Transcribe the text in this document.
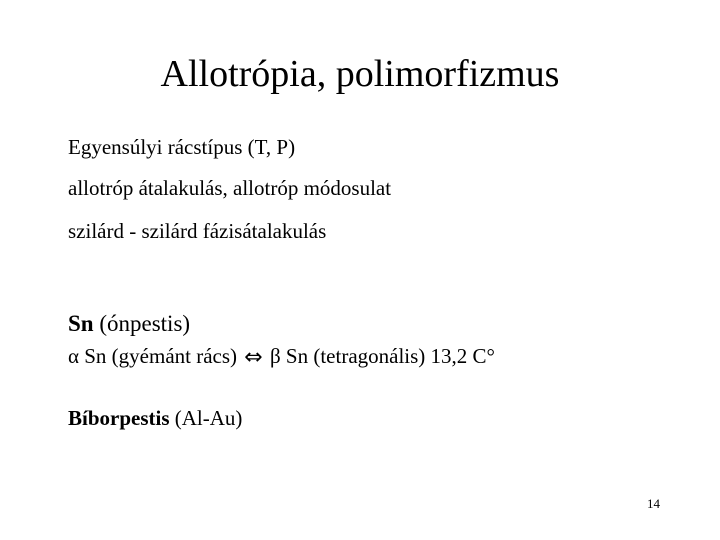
Allotrópia, polimorfizmus
Egyensúlyi rácstípus (T, P)
allotróp átalakulás, allotróp módosulat
szilárd - szilárd fázisátalakulás
Sn (ónpestis)
α Sn (gyémánt rács) ⇔ β Sn (tetragonális) 13,2 C°
Bíborpestis (Al-Au)
14
